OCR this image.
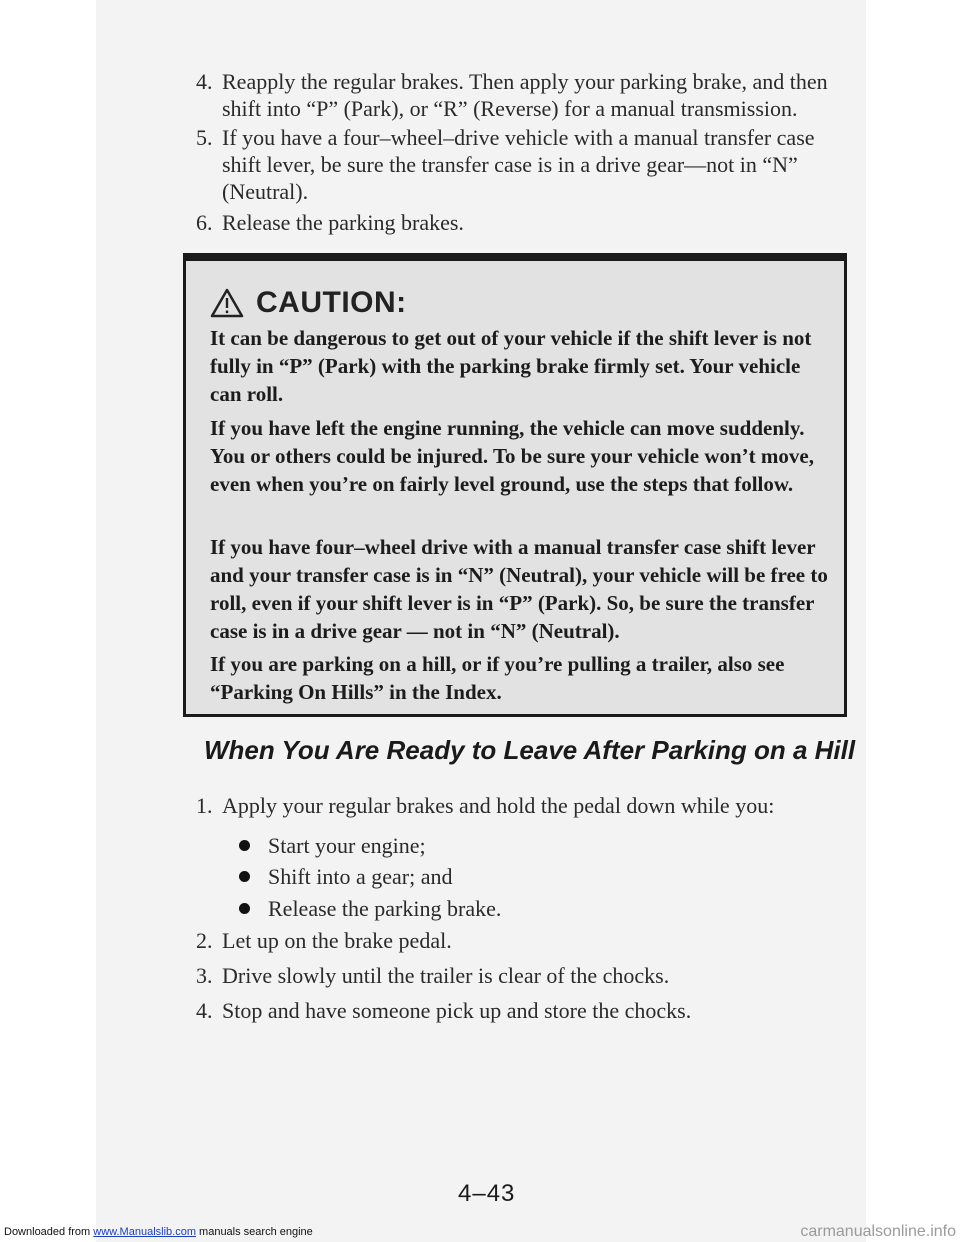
4. Reapply the regular brakes. Then apply your parking brake, and then shift into “P” (Park), or “R” (Reverse) for a manual transmission.
5. If you have a four–wheel–drive vehicle with a manual transfer case shift lever, be sure the transfer case is in a drive gear—not in “N” (Neutral).
6. Release the parking brakes.
CAUTION:
It can be dangerous to get out of your vehicle if the shift lever is not fully in “P” (Park) with the parking brake firmly set. Your vehicle can roll.
If you have left the engine running, the vehicle can move suddenly. You or others could be injured. To be sure your vehicle won’t move, even when you’re on fairly level ground, use the steps that follow.
If you have four–wheel drive with a manual transfer case shift lever and your transfer case is in “N” (Neutral), your vehicle will be free to roll, even if your shift lever is in “P” (Park). So, be sure the transfer case is in a drive gear — not in “N” (Neutral).
If you are parking on a hill, or if you’re pulling a trailer, also see “Parking On Hills” in the Index.
When You Are Ready to Leave After Parking on a Hill
1. Apply your regular brakes and hold the pedal down while you:
Start your engine;
Shift into a gear; and
Release the parking brake.
2. Let up on the brake pedal.
3. Drive slowly until the trailer is clear of the chocks.
4. Stop and have someone pick up and store the chocks.
4–43
Downloaded from www.Manualslib.com manuals search engine	carmanualsonline.info
